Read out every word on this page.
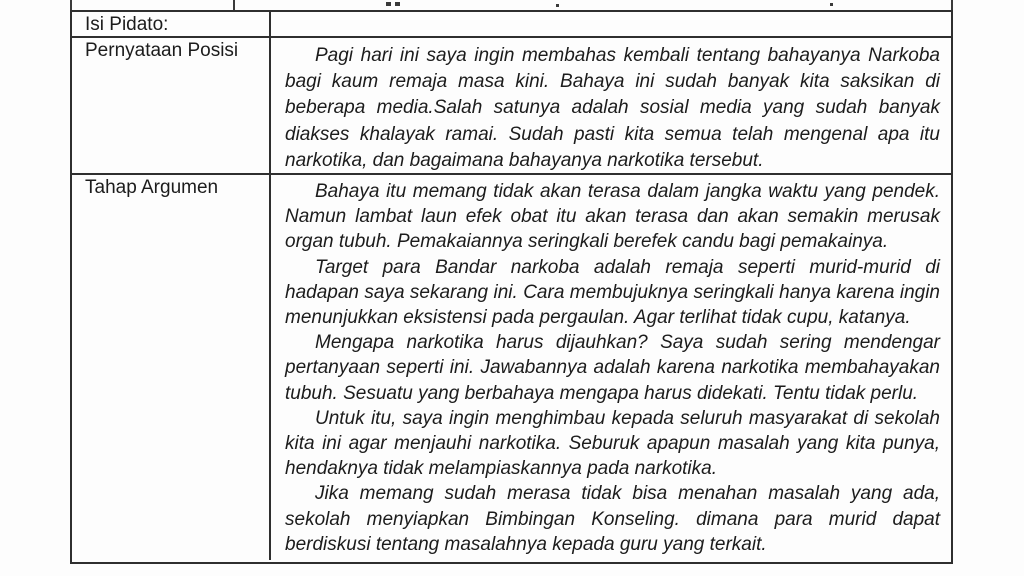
Isi Pidato:
Pernyataan Posisi	Pagi hari ini saya ingin membahas kembali tentang bahayanya Narkoba
bagi kaum remaja masa kini. Bahaya ini sudah banyak kita saksikan di
beberapa media.Salah satunya adalah sosial media yang sudah banyak
diakses khalayak ramai. Sudah pasti kita semua telah mengenal apa itu
narkotika, dan bagaimana bahayanya narkotika tersebut.
Tahap Argumen	Bahaya itu memang tidak akan terasa dalam jangka waktu yang pendek.
Namun lambat laun efek obat itu akan terasa dan akan semakin merusak
organ tubuh. Pemakaiannya seringkali berefek candu bagi pemakainya.
Target para Bandar narkoba adalah remaja seperti murid-murid di
hadapan saya sekarang ini. Cara membujuknya seringkali hanya karena ingin
menunjukkan eksistensi pada pergaulan. Agar terlihat tidak cupu, katanya.
Mengapa narkotika harus dijauhkan? Saya sudah sering mendengar
pertanyaan seperti ini. Jawabannya adalah karena narkotika membahayakan
tubuh. Sesuatu yang berbahaya mengapa harus didekati. Tentu tidak perlu.
Untuk itu, saya ingin menghimbau kepada seluruh masyarakat di sekolah
kita ini agar menjauhi narkotika. Seburuk apapun masalah yang kita punya,
hendaknya tidak melampiaskannya pada narkotika.
Jika memang sudah merasa tidak bisa menahan masalah yang ada,
sekolah menyiapkan Bimbingan Konseling. dimana para murid dapat
berdiskusi tentang masalahnya kepada guru yang terkait.
